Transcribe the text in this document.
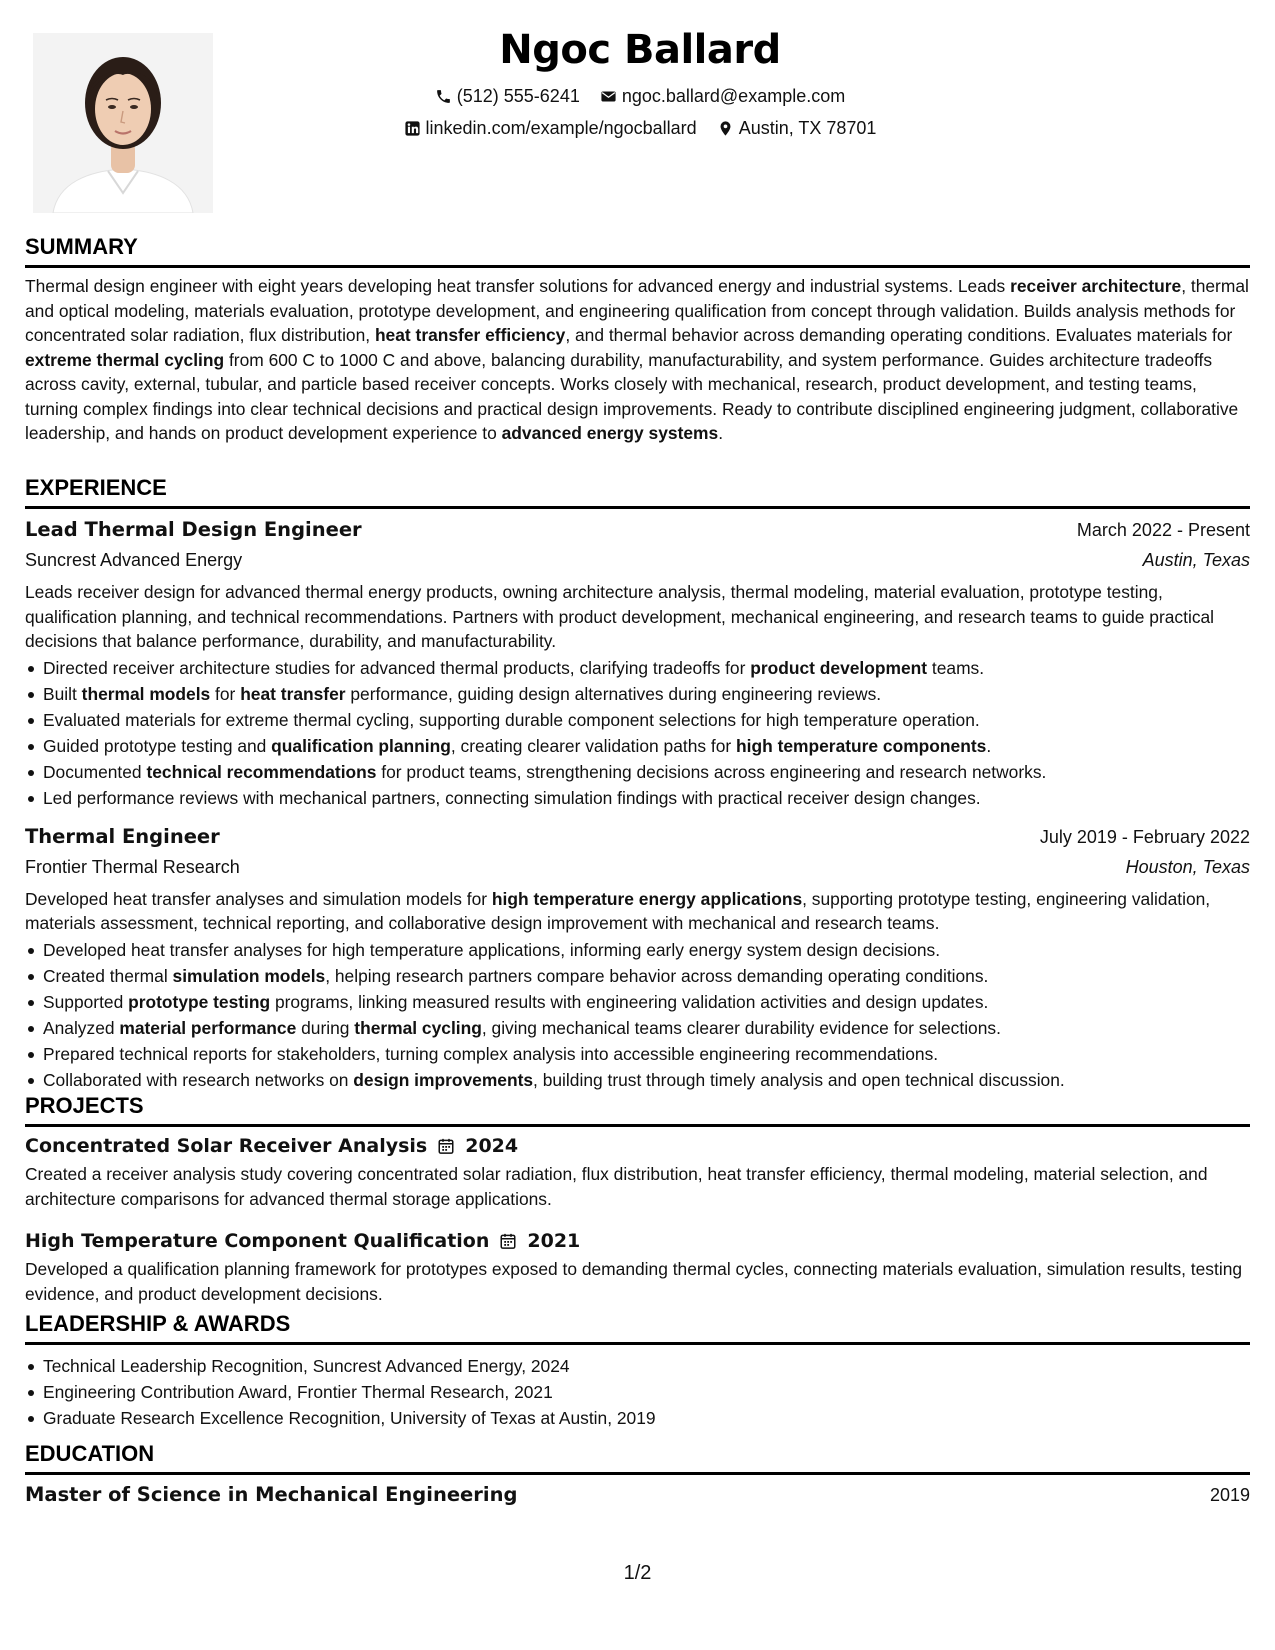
Ngoc Ballard
(512) 555-6241 ngoc.ballard@example.com
linkedin.com/example/ngocballard Austin, TX 78701
SUMMARY

Thermal design engineer with eight years developing heat transfer solutions for advanced energy and industrial systems. Leads receiver architecture, thermal and optical modeling, materials evaluation, prototype development, and engineering qualification from concept through validation. Builds analysis methods for concentrated solar radiation, flux distribution, heat transfer efficiency, and thermal behavior across demanding operating conditions. Evaluates materials for extreme thermal cycling from 600 C to 1000 C and above, balancing durability, manufacturability, and system performance. Guides architecture tradeoffs across cavity, external, tubular, and particle based receiver concepts. Works closely with mechanical, research, product development, and testing teams, turning complex findings into clear technical decisions and practical design improvements. Ready to contribute disciplined engineering judgment, collaborative leadership, and hands on product development experience to advanced energy systems.

EXPERIENCE
Lead Thermal Design Engineer	March 2022 - Present
Suncrest Advanced Energy	Austin, Texas

Leads receiver design for advanced thermal energy products, owning architecture analysis, thermal modeling, material evaluation, prototype testing, qualification planning, and technical recommendations. Partners with product development, mechanical engineering, and research teams to guide practical decisions that balance performance, durability, and manufacturability.

Directed receiver architecture studies for advanced thermal products, clarifying tradeoffs for product development teams.
Built thermal models for heat transfer performance, guiding design alternatives during engineering reviews.
Evaluated materials for extreme thermal cycling, supporting durable component selections for high temperature operation.
Guided prototype testing and qualification planning, creating clearer validation paths for high temperature components.
Documented technical recommendations for product teams, strengthening decisions across engineering and research networks.
Led performance reviews with mechanical partners, connecting simulation findings with practical receiver design changes.
Thermal Engineer	July 2019 - February 2022
Frontier Thermal Research	Houston, Texas

Developed heat transfer analyses and simulation models for high temperature energy applications, supporting prototype testing, engineering validation, materials assessment, technical reporting, and collaborative design improvement with mechanical and research teams.

Developed heat transfer analyses for high temperature applications, informing early energy system design decisions.
Created thermal simulation models, helping research partners compare behavior across demanding operating conditions.
Supported prototype testing programs, linking measured results with engineering validation activities and design updates.
Analyzed material performance during thermal cycling, giving mechanical teams clearer durability evidence for selections.
Prepared technical reports for stakeholders, turning complex analysis into accessible engineering recommendations.
Collaborated with research networks on design improvements, building trust through timely analysis and open technical discussion.
PROJECTS
Concentrated Solar Receiver Analysis 2024

Created a receiver analysis study covering concentrated solar radiation, flux distribution, heat transfer efficiency, thermal modeling, material selection, and architecture comparisons for advanced thermal storage applications.

High Temperature Component Qualification 2021

Developed a qualification planning framework for prototypes exposed to demanding thermal cycles, connecting materials evaluation, simulation results, testing evidence, and product development decisions.

LEADERSHIP & AWARDS
Technical Leadership Recognition, Suncrest Advanced Energy, 2024
Engineering Contribution Award, Frontier Thermal Research, 2021
Graduate Research Excellence Recognition, University of Texas at Austin, 2019
EDUCATION
Master of Science in Mechanical Engineering	2019
1/2
